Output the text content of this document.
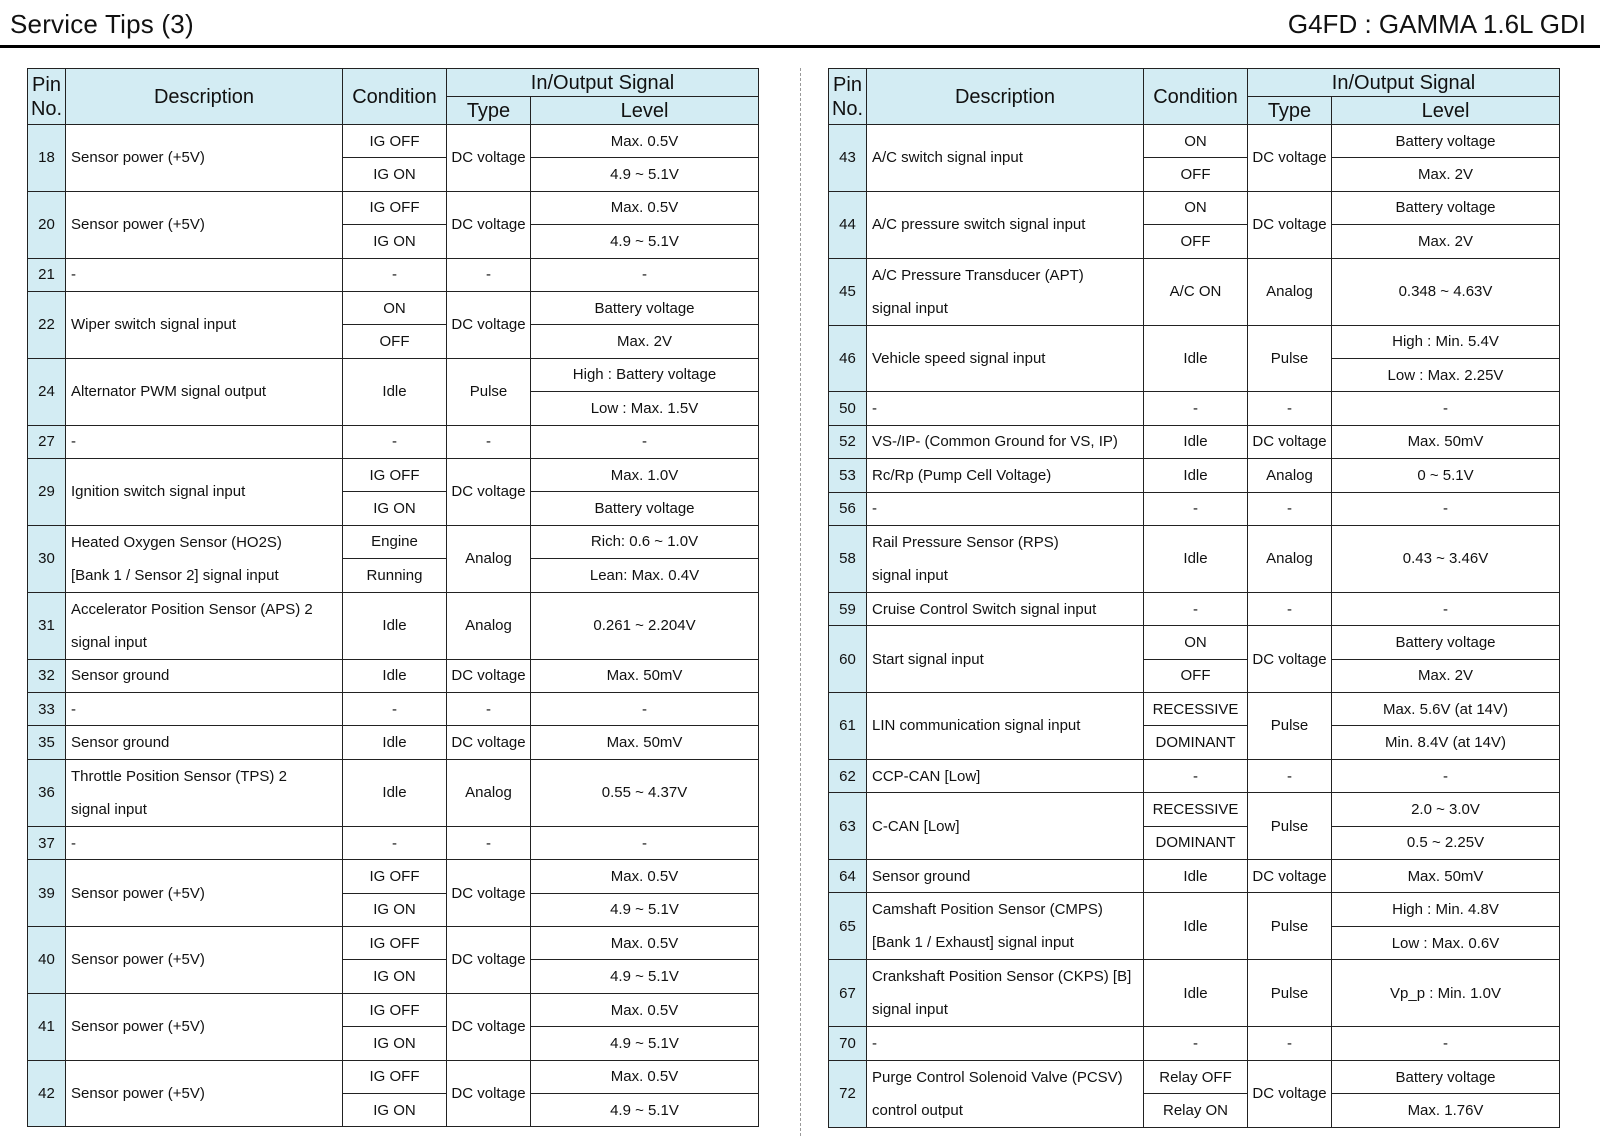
Service Tips (3)	G4FD : GAMMA 1.6L GDI
Pin No.	Description	Condition	In/Output Signal	
			Type	Level
18	Sensor power (+5V)	IG OFF	DC voltage	Max. 0.5V
		IG ON		4.9 ~ 5.1V
20	Sensor power (+5V)	IG OFF	DC voltage	Max. 0.5V
		IG ON		4.9 ~ 5.1V
21	-	-	-	-
22	Wiper switch signal input	ON	DC voltage	Battery voltage
		OFF		Max. 2V
24	Alternator PWM signal output	Idle	Pulse	High : Battery voltage
				Low : Max. 1.5V
27	-	-	-	-
29	Ignition switch signal input	IG OFF	DC voltage	Max. 1.0V
		IG ON		Battery voltage
30	Heated Oxygen Sensor (HO2S)
[Bank 1 / Sensor 2] signal input	Engine	Analog	Rich: 0.6 ~ 1.0V
		Running		Lean: Max. 0.4V
31	Accelerator Position Sensor (APS) 2
signal input	Idle	Analog	0.261 ~ 2.204V

32	Sensor ground	Idle	DC voltage	Max. 50mV
33	-	-	-	-
35	Sensor ground	Idle	DC voltage	Max. 50mV
36	Throttle Position Sensor (TPS) 2
signal input	Idle	Analog	0.55 ~ 4.37V

37	-	-	-	-
39	Sensor power (+5V)	IG OFF	DC voltage	Max. 0.5V
		IG ON		4.9 ~ 5.1V
40	Sensor power (+5V)	IG OFF	DC voltage	Max. 0.5V
		IG ON		4.9 ~ 5.1V
41	Sensor power (+5V)	IG OFF	DC voltage	Max. 0.5V
		IG ON		4.9 ~ 5.1V
42	Sensor power (+5V)	IG OFF	DC voltage	Max. 0.5V
		IG ON		4.9 ~ 5.1V
Pin No.	Description	Condition	In/Output Signal	
			Type	Level
43	A/C switch signal input	ON	DC voltage	Battery voltage
		OFF		Max. 2V
44	A/C pressure switch signal input	ON	DC voltage	Battery voltage
		OFF		Max. 2V
45	A/C Pressure Transducer (APT)
signal input	A/C ON	Analog	0.348 ~ 4.63V

46	Vehicle speed signal input	Idle	Pulse	High : Min. 5.4V
				Low : Max. 2.25V
50	-	-	-	-
52	VS-/IP- (Common Ground for VS, IP)	Idle	DC voltage	Max. 50mV
53	Rc/Rp (Pump Cell Voltage)	Idle	Analog	0 ~ 5.1V
56	-	-	-	-
58	Rail Pressure Sensor (RPS)
signal input	Idle	Analog	0.43 ~ 3.46V

59	Cruise Control Switch signal input	-	-	-
60	Start signal input	ON	DC voltage	Battery voltage
		OFF		Max. 2V
61	LIN communication signal input	RECESSIVE	Pulse	Max. 5.6V (at 14V)
		DOMINANT		Min. 8.4V (at 14V)
62	CCP-CAN [Low]	-	-	-
63	C-CAN [Low]	RECESSIVE	Pulse	2.0 ~ 3.0V
		DOMINANT		0.5 ~ 2.25V
64	Sensor ground	Idle	DC voltage	Max. 50mV
65	Camshaft Position Sensor (CMPS)
[Bank 1 / Exhaust] signal input	Idle	Pulse	High : Min. 4.8V
				Low : Max. 0.6V
67	Crankshaft Position Sensor (CKPS) [B]
signal input	Idle	Pulse	Vp_p : Min. 1.0V

70	-	-	-	-
72	Purge Control Solenoid Valve (PCSV)
control output	Relay OFF	DC voltage	Battery voltage
		Relay ON		Max. 1.76V
